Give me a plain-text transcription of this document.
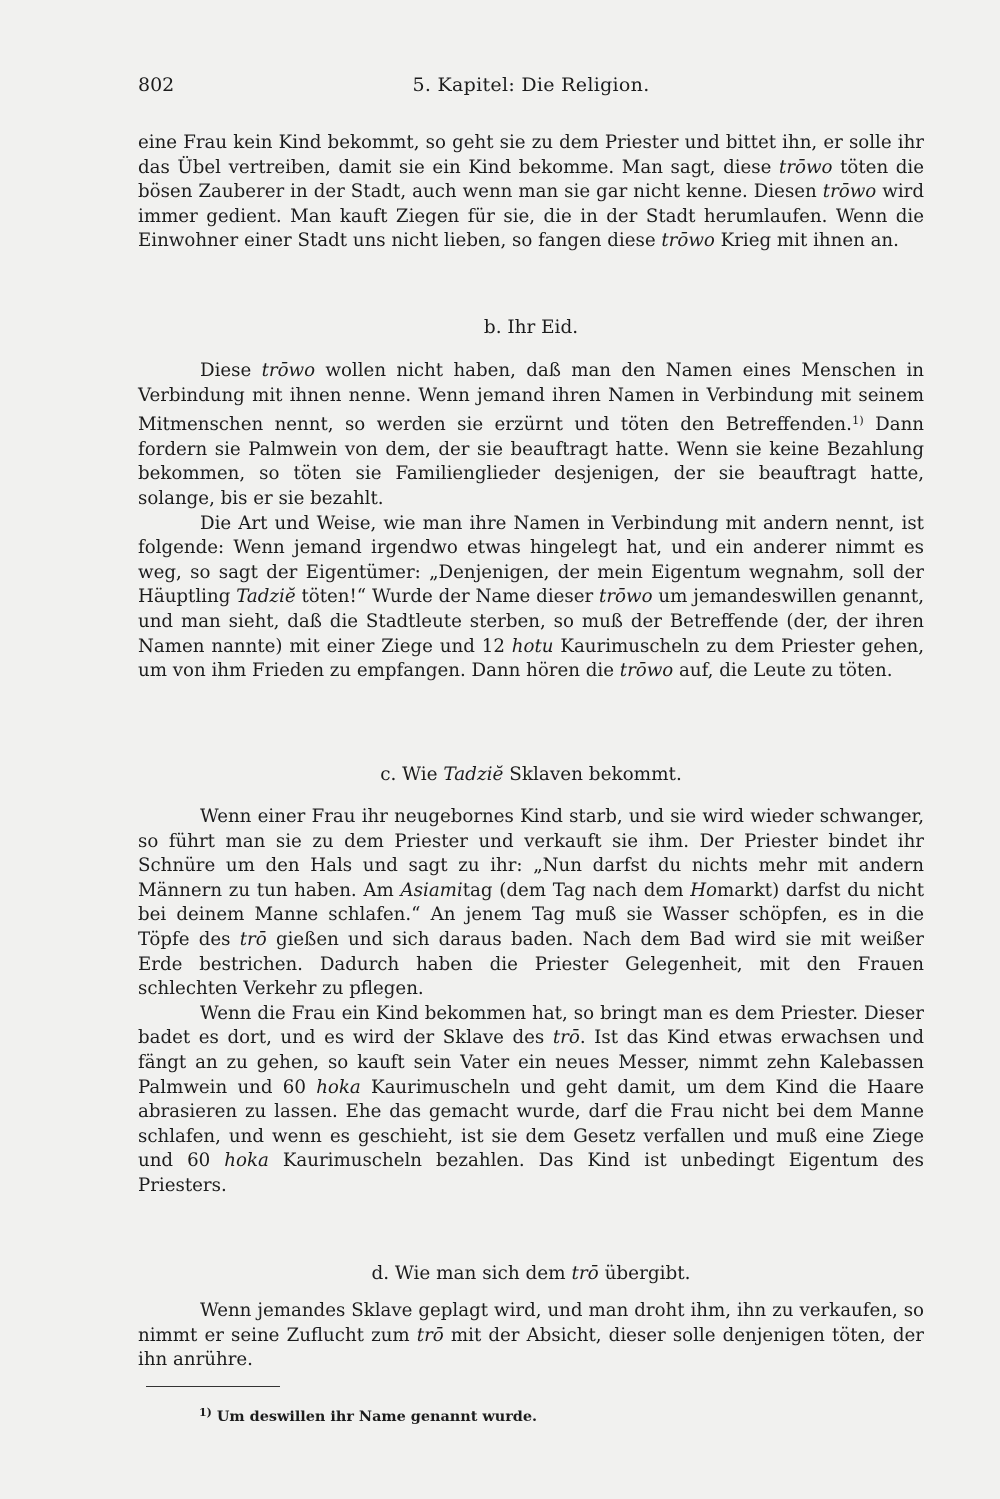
802	5. Kapitel: Die Religion.

eine Frau kein Kind bekommt, so geht sie zu dem Priester und bittet ihn, er solle ihr das Übel vertreiben, damit sie ein Kind bekomme. Man sagt, diese trōwo töten die bösen Zauberer in der Stadt, auch wenn man sie gar nicht kenne. Diesen trōwo wird immer gedient. Man kauft Ziegen für sie, die in der Stadt herumlaufen. Wenn die Einwohner einer Stadt uns nicht lieben, so fangen diese trōwo Krieg mit ihnen an.

b. Ihr Eid.

Diese trōwo wollen nicht haben, daß man den Namen eines Menschen in Verbindung mit ihnen nenne. Wenn jemand ihren Namen in Verbindung mit seinem Mitmenschen nennt, so werden sie erzürnt und töten den Betreffenden.$^{1)}$ Dann fordern sie Palmwein von dem, der sie beauftragt hatte. Wenn sie keine Bezahlung bekommen, so töten sie Familienglieder desjenigen, der sie beauftragt hatte, solange, bis er sie bezahlt.

Die Art und Weise, wie man ihre Namen in Verbindung mit andern nennt, ist folgende: Wenn jemand irgendwo etwas hingelegt hat, und ein anderer nimmt es weg, so sagt der Eigentümer: „Denjenigen, der mein Eigentum wegnahm, soll der Häuptling Tadziĕ töten!“ Wurde der Name dieser trōwo um jemandeswillen genannt, und man sieht, daß die Stadtleute sterben, so muß der Betreffende (der, der ihren Namen nannte) mit einer Ziege und 12 hotu Kaurimuscheln zu dem Priester gehen, um von ihm Frieden zu empfangen. Dann hören die trōwo auf, die Leute zu töten.

c. Wie Tadziĕ Sklaven bekommt.

Wenn einer Frau ihr neugebornes Kind starb, und sie wird wieder schwanger, so führt man sie zu dem Priester und verkauft sie ihm. Der Priester bindet ihr Schnüre um den Hals und sagt zu ihr: „Nun darfst du nichts mehr mit andern Männern zu tun haben. Am Asiamitag (dem Tag nach dem Homarkt) darfst du nicht bei deinem Manne schlafen.“ An jenem Tag muß sie Wasser schöpfen, es in die Töpfe des trō gießen und sich daraus baden. Nach dem Bad wird sie mit weißer Erde bestrichen. Dadurch haben die Priester Gelegenheit, mit den Frauen schlechten Verkehr zu pflegen.

Wenn die Frau ein Kind bekommen hat, so bringt man es dem Priester. Dieser badet es dort, und es wird der Sklave des trō. Ist das Kind etwas erwachsen und fängt an zu gehen, so kauft sein Vater ein neues Messer, nimmt zehn Kalebassen Palmwein und 60 hoka Kaurimuscheln und geht damit, um dem Kind die Haare abrasieren zu lassen. Ehe das gemacht wurde, darf die Frau nicht bei dem Manne schlafen, und wenn es geschieht, ist sie dem Gesetz verfallen und muß eine Ziege und 60 hoka Kaurimuscheln bezahlen. Das Kind ist unbedingt Eigentum des Priesters.

d. Wie man sich dem trō übergibt.

Wenn jemandes Sklave geplagt wird, und man droht ihm, ihn zu verkaufen, so nimmt er seine Zuflucht zum trō mit der Absicht, dieser solle denjenigen töten, der ihn anrühre.

$^{1)}$ Um deswillen ihr Name genannt wurde.
